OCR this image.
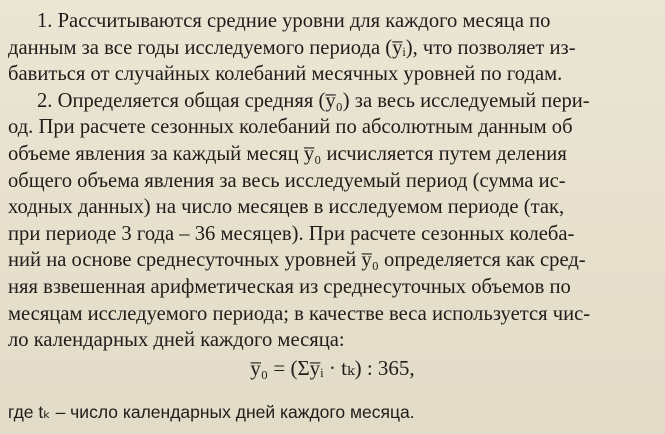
1. Рассчитываются средние уровни для каждого месяца по
данным за все годы исследуемого периода (y̅ᵢ), что позволяет из-
бавиться от случайных колебаний месячных уровней по годам.
2. Определяется общая средняя (y̅₀) за весь исследуемый пери-
од. При расчете сезонных колебаний по абсолютным данным об
объеме явления за каждый месяц y̅₀ исчисляется путем деления
общего объема явления за весь исследуемый период (сумма ис-
ходных данных) на число месяцев в исследуемом периоде (так,
при периоде 3 года – 36 месяцев). При расчете сезонных колеба-
ний на основе среднесуточных уровней y̅₀ определяется как сред-
няя взвешенная арифметическая из среднесуточных объемов по
месяцам исследуемого периода; в качестве веса используется чис-
ло календарных дней каждого месяца:
y̅₀ = (Σy̅ᵢ · tₖ) : 365,
где tₖ – число календарных дней каждого месяца.
